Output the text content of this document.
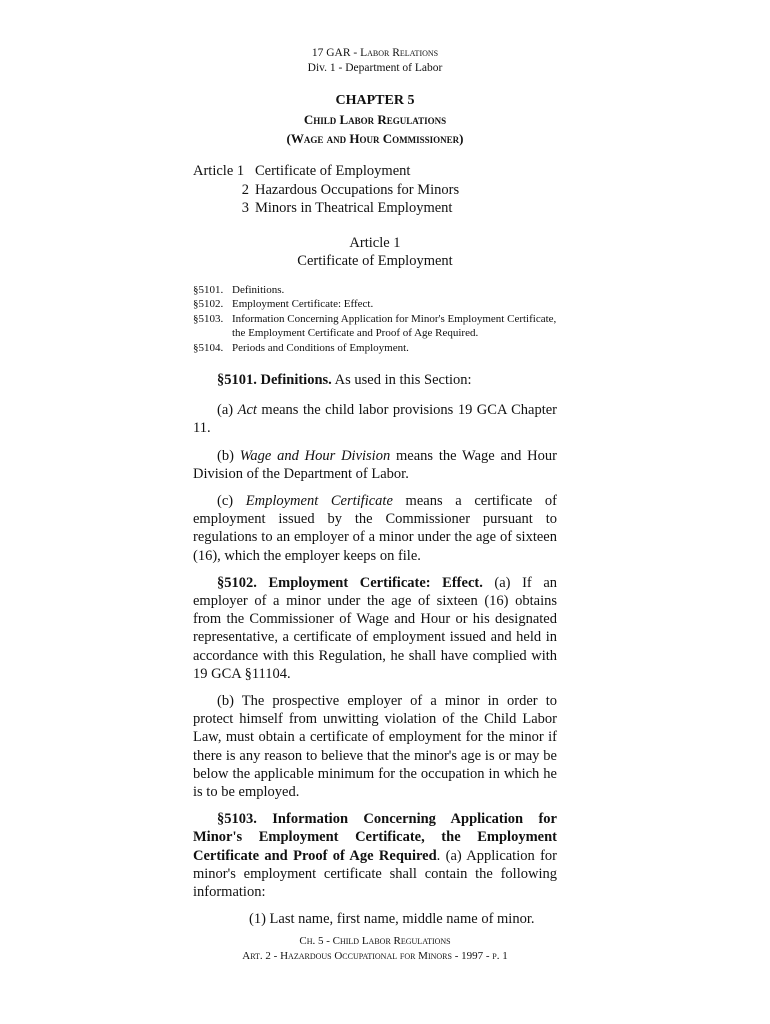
17 GAR - Labor Relations
Div. 1 - Department of Labor
CHAPTER 5
Child Labor Regulations
(Wage and Hour Commissioner)
Article 1 Certificate of Employment
2 Hazardous Occupations for Minors
3 Minors in Theatrical Employment
Article 1
Certificate of Employment
§5101. Definitions.
§5102. Employment Certificate: Effect.
§5103. Information Concerning Application for Minor's Employment Certificate, the Employment Certificate and Proof of Age Required.
§5104. Periods and Conditions of Employment.

§5101. Definitions. As used in this Section:

(a) Act means the child labor provisions 19 GCA Chapter 11.

(b) Wage and Hour Division means the Wage and Hour Division of the Department of Labor.

(c) Employment Certificate means a certificate of employment issued by the Commissioner pursuant to regulations to an employer of a minor under the age of sixteen (16), which the employer keeps on file.

§5102. Employment Certificate: Effect. (a) If an employer of a minor under the age of sixteen (16) obtains from the Commissioner of Wage and Hour or his designated representative, a certificate of employment issued and held in accordance with this Regulation, he shall have complied with 19 GCA §11104.

(b) The prospective employer of a minor in order to protect himself from unwitting violation of the Child Labor Law, must obtain a certificate of employment for the minor if there is any reason to believe that the minor's age is or may be below the applicable minimum for the occupation in which he is to be employed.

§5103. Information Concerning Application for Minor's Employment Certificate, the Employment Certificate and Proof of Age Required. (a) Application for minor's employment certificate shall contain the following information:

(1) Last name, first name, middle name of minor.

Ch. 5 - Child Labor Regulations
Art. 2 - Hazardous Occupational for Minors - 1997 - p. 1
